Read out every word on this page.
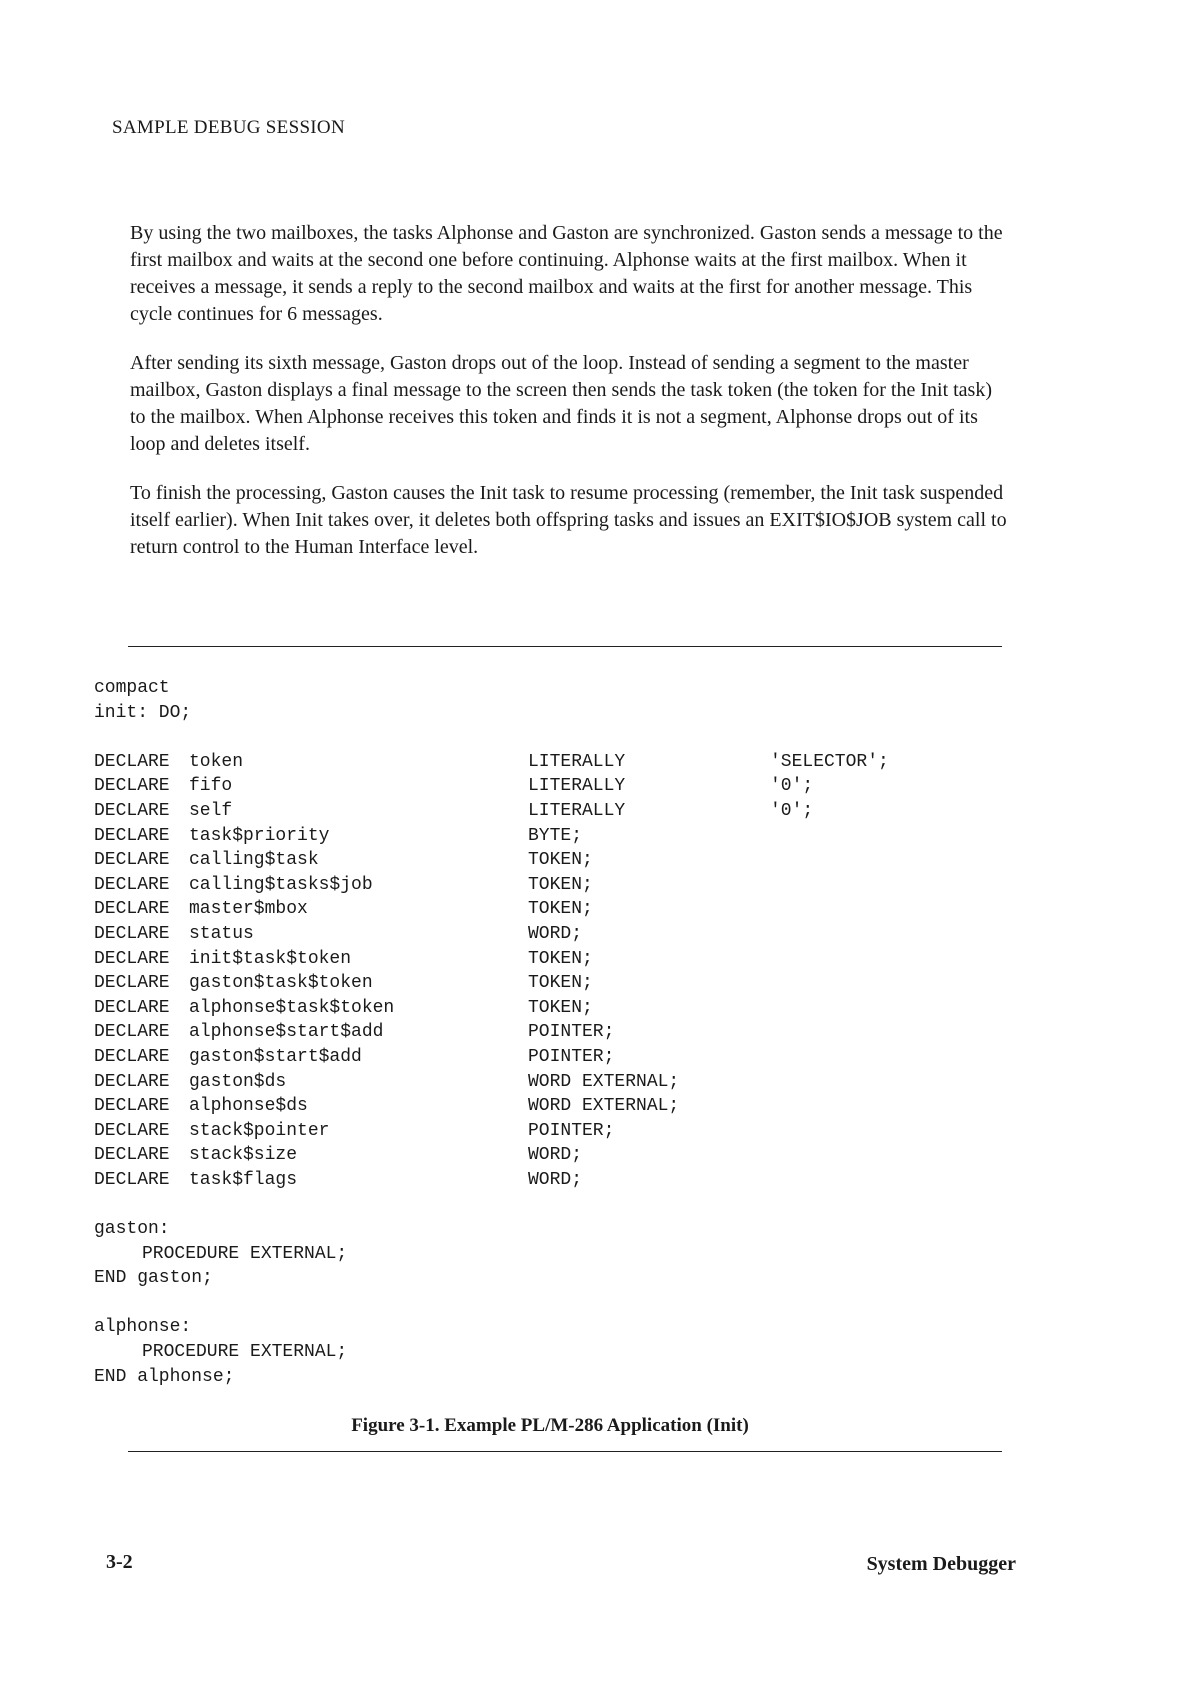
SAMPLE DEBUG SESSION

By using the two mailboxes, the tasks Alphonse and Gaston are synchronized. Gaston sends a message to the first mailbox and waits at the second one before continuing. Alphonse waits at the first mailbox. When it receives a message, it sends a reply to the second mailbox and waits at the first for another message. This cycle continues for 6 messages.

After sending its sixth message, Gaston drops out of the loop. Instead of sending a segment to the master mailbox, Gaston displays a final message to the screen then sends the task token (the token for the Init task) to the mailbox. When Alphonse receives this token and finds it is not a segment, Alphonse drops out of its loop and deletes itself.

To finish the processing, Gaston causes the Init task to resume processing (remember, the Init task suspended itself earlier). When Init takes over, it deletes both offspring tasks and issues an EXIT$IO$JOB system call to return control to the Human Interface level.

compact
init: DO;
DECLARE token	LITERALLY	'SELECTOR';
DECLARE fifo	LITERALLY	'0';
DECLARE self	LITERALLY	'0';
DECLARE task$priority	BYTE;
DECLARE calling$task	TOKEN;
DECLARE calling$tasks$job	TOKEN;
DECLARE master$mbox	TOKEN;
DECLARE status	WORD;
DECLARE init$task$token	TOKEN;
DECLARE gaston$task$token	TOKEN;
DECLARE alphonse$task$token	TOKEN;
DECLARE alphonse$start$add	POINTER;
DECLARE gaston$start$add	POINTER;
DECLARE gaston$ds	WORD EXTERNAL;
DECLARE alphonse$ds	WORD EXTERNAL;
DECLARE stack$pointer	POINTER;
DECLARE stack$size	WORD;
DECLARE task$flags	WORD;
gaston:
PROCEDURE EXTERNAL;
END gaston;
alphonse:
PROCEDURE EXTERNAL;
END alphonse;
Figure 3-1. Example PL/M-286 Application (Init)
3-2	System Debugger
